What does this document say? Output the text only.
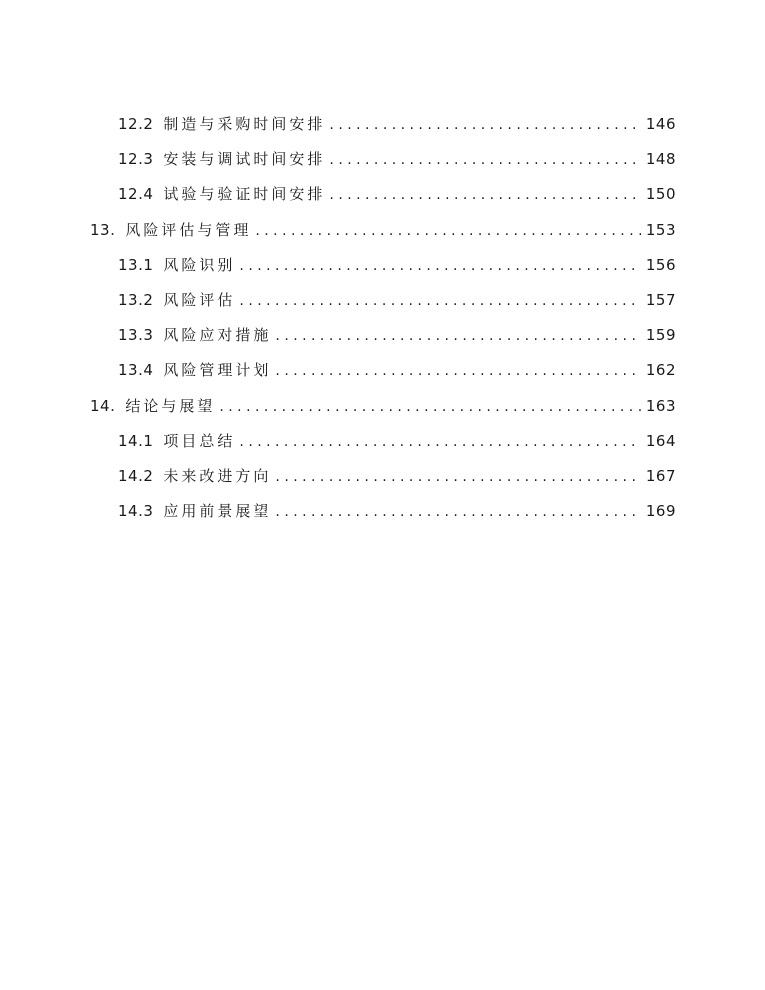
12.2 制造与采购时间安排 . . .	146
12.3 安装与调试时间安排 . . .	148
12.4 试验与验证时间安排 . . .	150
13. 风险评估与管理 . . .	153
13.1 风险识别 . . .	156
13.2 风险评估 . . .	157
13.3 风险应对措施 . . .	159
13.4 风险管理计划 . . .	162
14. 结论与展望 . . .	163
14.1 项目总结 . . .	164
14.2 未来改进方向 . . .	167
14.3 应用前景展望 . . .	169
